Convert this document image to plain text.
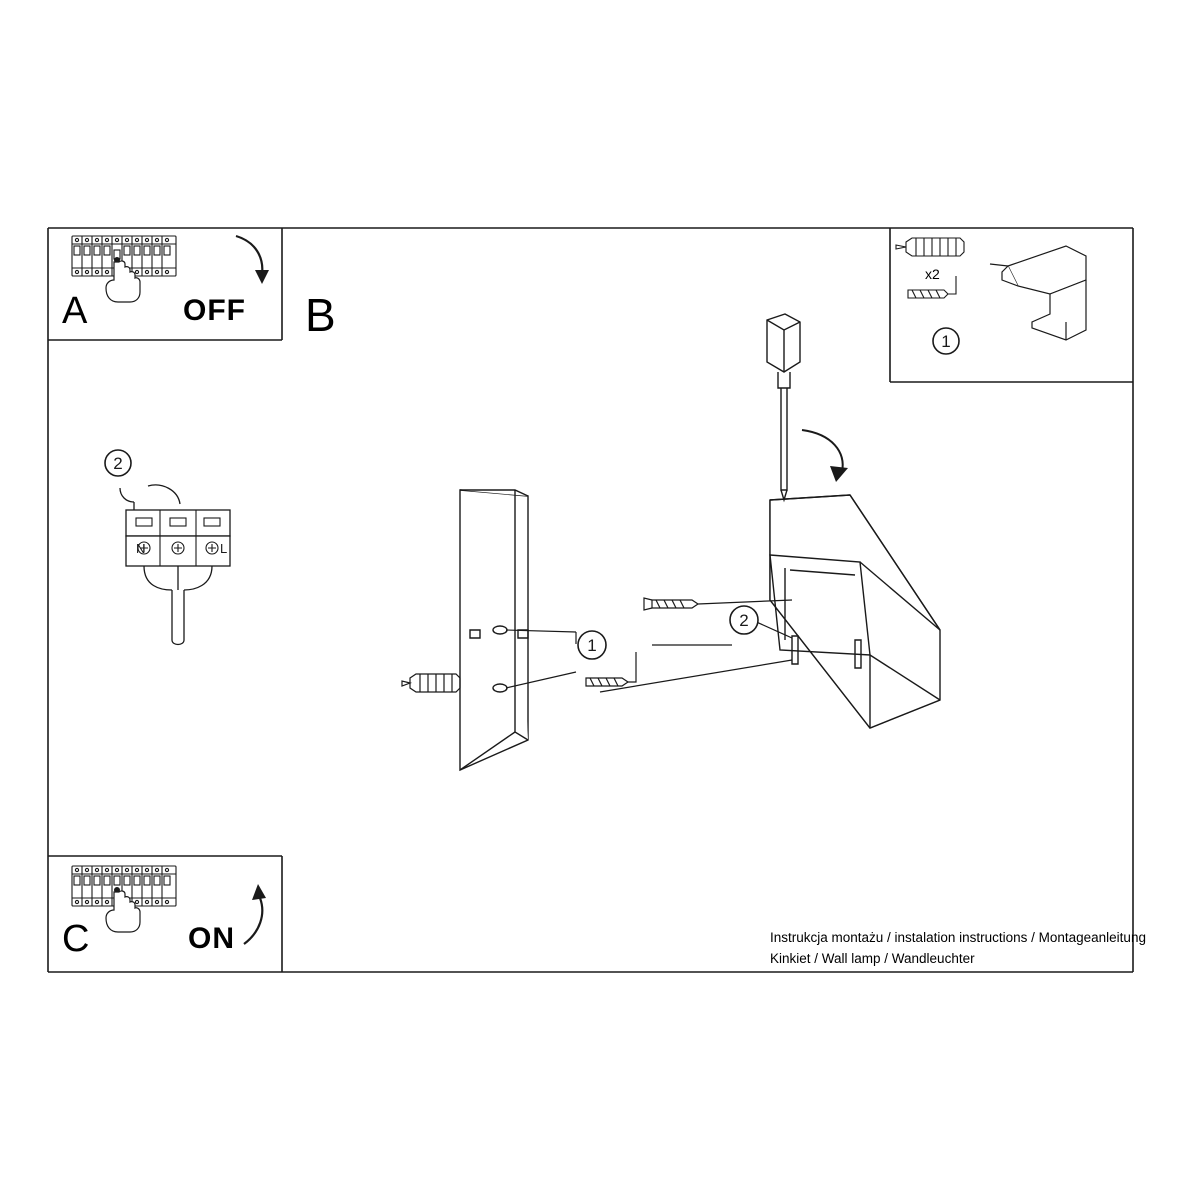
A	OFF B
1
x2
2
N	L
1
2
C	ON	Instrukcja montażu / instalation instructions / Montageanleitung
Kinkiet / Wall lamp / Wandleuchter
